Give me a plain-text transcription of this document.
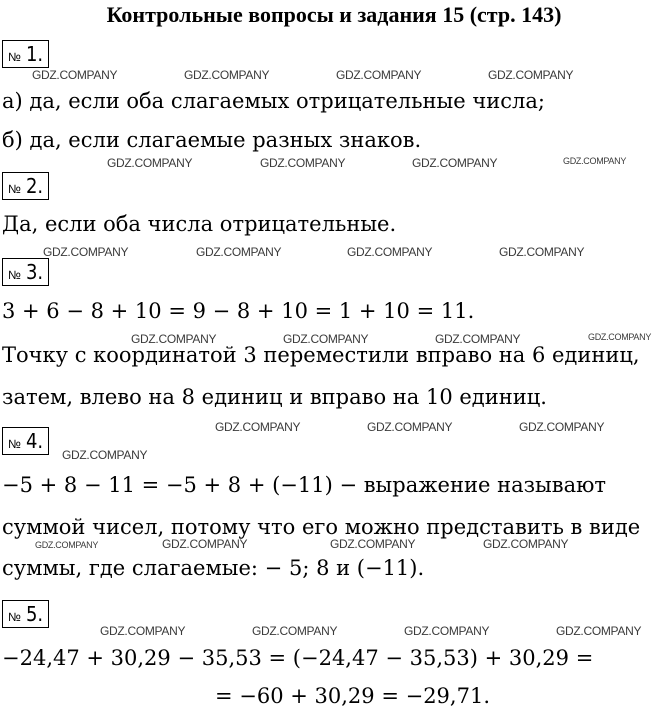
Контрольные вопросы и задания 15 (стр. 143)
№ 1.
а) да, если оба слагаемых отрицательные числа;
б) да, если слагаемые разных знаков.
№ 2.
Да, если оба числа отрицательные.
№ 3.
3 + 6 − 8 + 10 = 9 − 8 + 10 = 1 + 10 = 11.
Точку с координатой 3 переместили вправо на 6 единиц,
затем, влево на 8 единиц и вправо на 10 единиц.
№ 4.
−5 + 8 − 11 = −5 + 8 + (−11) − выражение называют
суммой чисел, потому что его можно представить в виде
суммы, где слагаемые: − 5; 8 и (−11).
№ 5.
−24,47 + 30,29 − 35,53 = (−24,47 − 35,53) + 30,29 =
= −60 + 30,29 = −29,71.
GDZ.COMPANY	GDZ.COMPANY	GDZ.COMPANY	GDZ.COMPANY
GDZ.COMPANY	GDZ.COMPANY	GDZ.COMPANY	GDZ.COMPANY
GDZ.COMPANY	GDZ.COMPANY	GDZ.COMPANY	GDZ.COMPANY
GDZ.COMPANY	GDZ.COMPANY	GDZ.COMPANY	GDZ.COMPANY
GDZ.COMPANY	GDZ.COMPANY	GDZ.COMPANY
GDZ.COMPANY
GDZ.COMPANY	GDZ.COMPANY	GDZ.COMPANY	GDZ.COMPANY
GDZ.COMPANY	GDZ.COMPANY	GDZ.COMPANY	GDZ.COMPANY
